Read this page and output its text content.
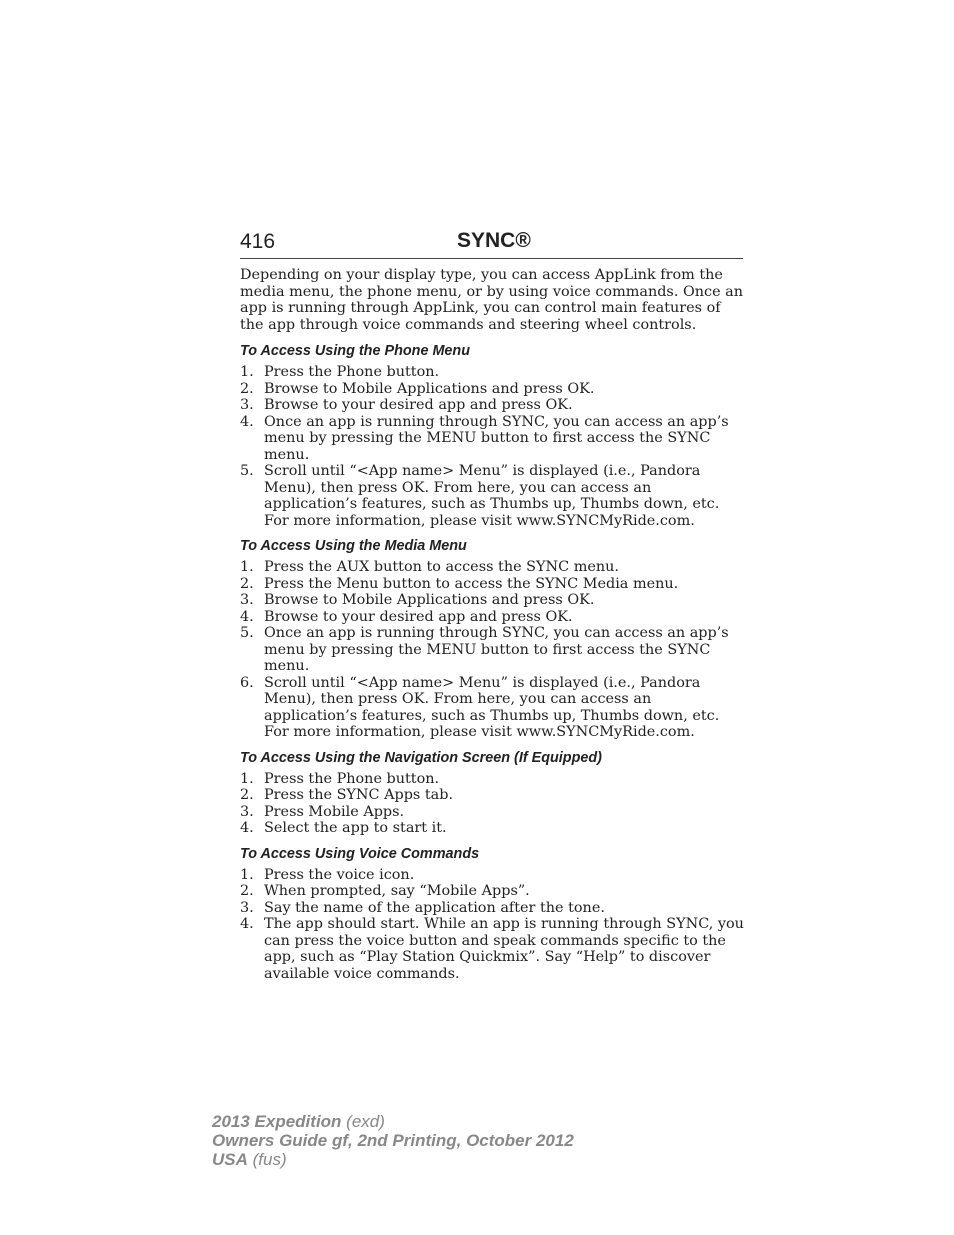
416	SYNC®

Depending on your display type, you can access AppLink from the media menu, the phone menu, or by using voice commands. Once an app is running through AppLink, you can control main features of the app through voice commands and steering wheel controls.

To Access Using the Phone Menu
1. Press the Phone button.
2. Browse to Mobile Applications and press OK.
3. Browse to your desired app and press OK.
4. Once an app is running through SYNC, you can access an app’s menu by pressing the MENU button to first access the SYNC menu.
5. Scroll until “<App name> Menu” is displayed (i.e., Pandora Menu), then press OK. From here, you can access an application’s features, such as Thumbs up, Thumbs down, etc. For more information, please visit www.SYNCMyRide.com.
To Access Using the Media Menu
1. Press the AUX button to access the SYNC menu.
2. Press the Menu button to access the SYNC Media menu.
3. Browse to Mobile Applications and press OK.
4. Browse to your desired app and press OK.
5. Once an app is running through SYNC, you can access an app’s menu by pressing the MENU button to first access the SYNC menu.
6. Scroll until “<App name> Menu” is displayed (i.e., Pandora Menu), then press OK. From here, you can access an application’s features, such as Thumbs up, Thumbs down, etc. For more information, please visit www.SYNCMyRide.com.
To Access Using the Navigation Screen (If Equipped)
1. Press the Phone button.
2. Press the SYNC Apps tab.
3. Press Mobile Apps.
4. Select the app to start it.
To Access Using Voice Commands
1. Press the voice icon.
2. When prompted, say “Mobile Apps”.
3. Say the name of the application after the tone.
4. The app should start. While an app is running through SYNC, you can press the voice button and speak commands specific to the app, such as “Play Station Quickmix”. Say “Help” to discover available voice commands.
2013 Expedition (exd)
Owners Guide gf, 2nd Printing, October 2012
USA (fus)
